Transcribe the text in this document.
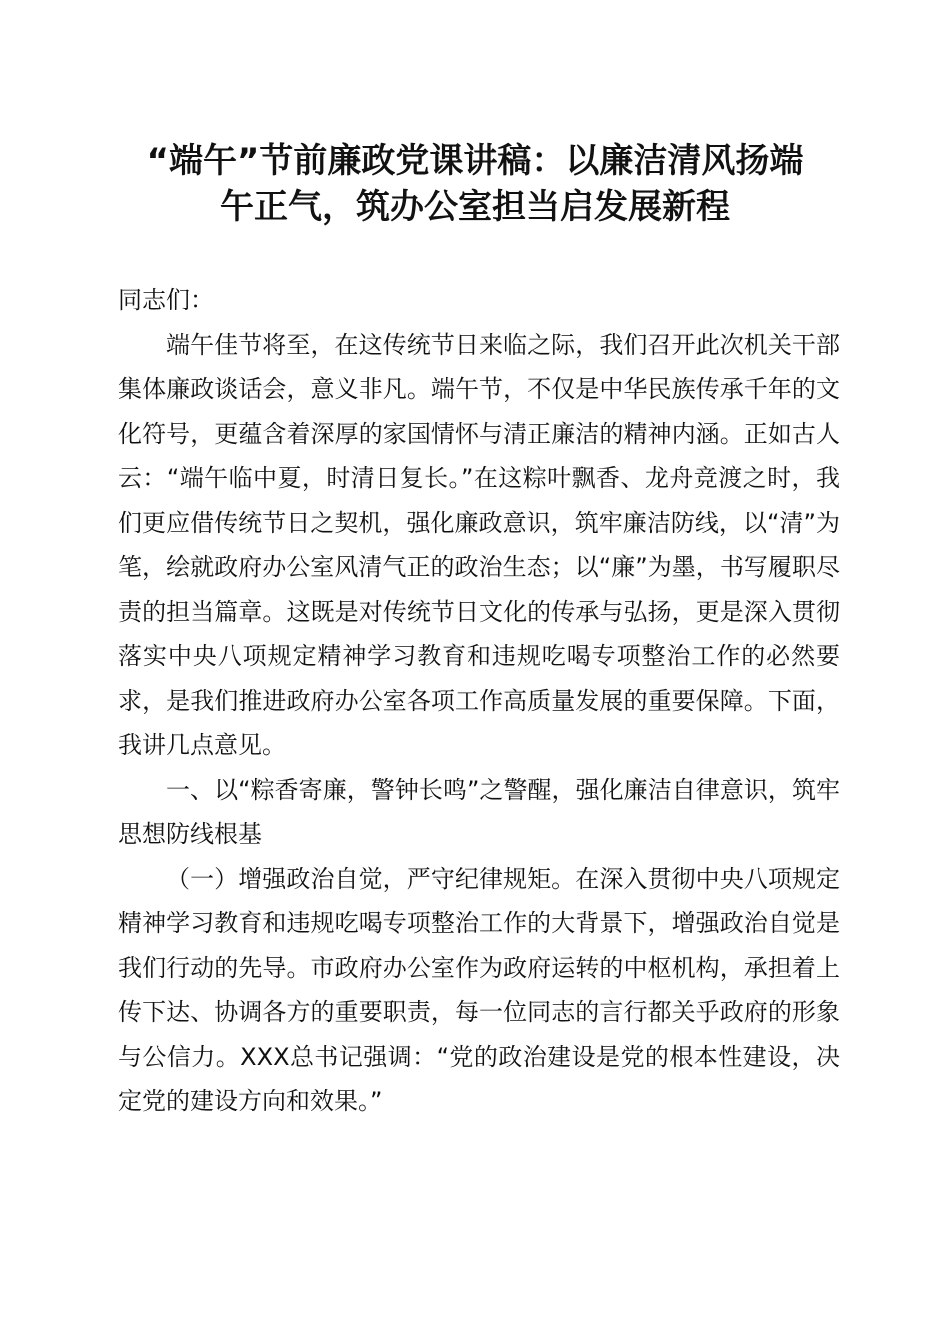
“端午”节前廉政党课讲稿：以廉洁清风扬端
午正气，筑办公室担当启发展新程

同志们：

端午佳节将至，在这传统节日来临之际，我们召开此次机关干部集体廉政谈话会，意义非凡。端午节，不仅是中华民族传承千年的文化符号，更蕴含着深厚的家国情怀与清正廉洁的精神内涵。正如古人云：“端午临中夏，时清日复长。”在这粽叶飘香、龙舟竞渡之时，我们更应借传统节日之契机，强化廉政意识，筑牢廉洁防线，以“清”为笔，绘就政府办公室风清气正的政治生态；以“廉”为墨，书写履职尽责的担当篇章。这既是对传统节日文化的传承与弘扬，更是深入贯彻落实中央八项规定精神学习教育和违规吃喝专项整治工作的必然要求，是我们推进政府办公室各项工作高质量发展的重要保障。下面，我讲几点意见。

一、以“粽香寄廉，警钟长鸣”之警醒，强化廉洁自律意识，筑牢思想防线根基

（一）增强政治自觉，严守纪律规矩。在深入贯彻中央八项规定精神学习教育和违规吃喝专项整治工作的大背景下，增强政治自觉是我们行动的先导。市政府办公室作为政府运转的中枢机构，承担着上传下达、协调各方的重要职责，每一位同志的言行都关乎政府的形象与公信力。XXX总书记强调：“党的政治建设是党的根本性建设，决定党的建设方向和效果。”
